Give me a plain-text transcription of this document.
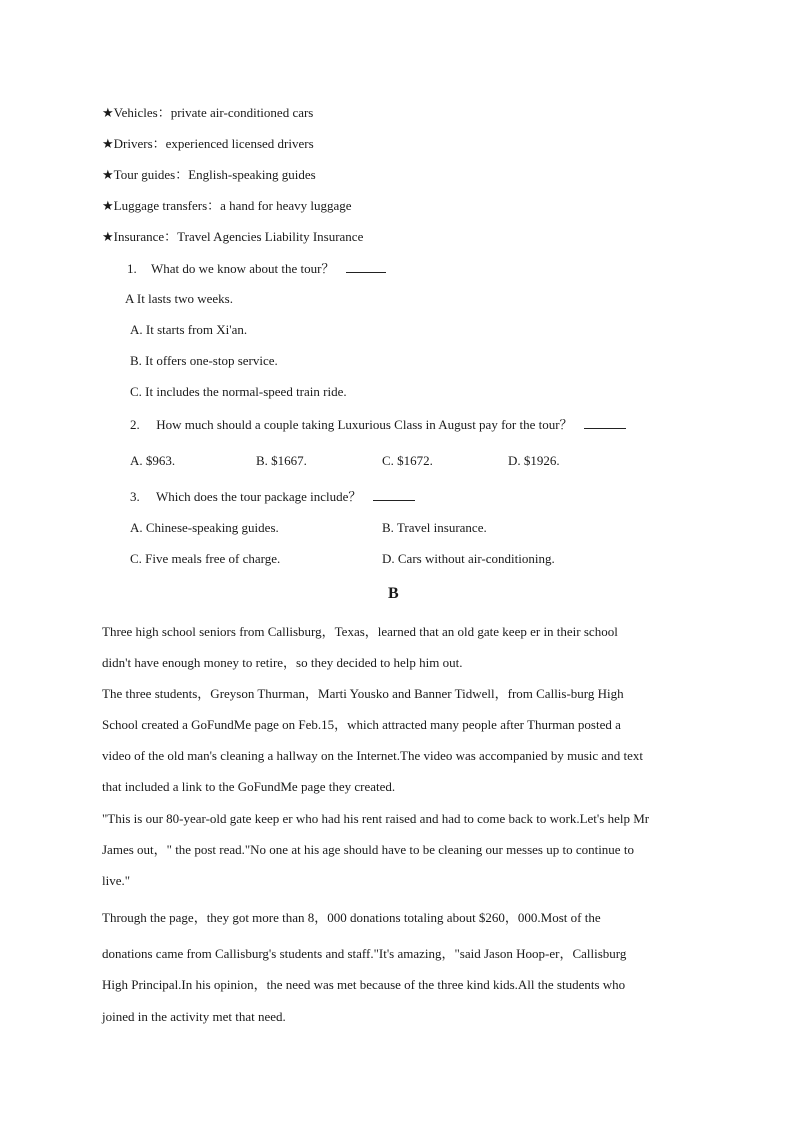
★Vehicles：private air-conditioned cars
★Drivers：experienced licensed drivers
★Tour guides：English-speaking guides
★Luggage transfers：a hand for heavy luggage
★Insurance：Travel Agencies Liability Insurance
1. What do we know about the tour？
A It lasts two weeks.
A. It starts from Xi'an.
B. It offers one-stop service.
C. It includes the normal-speed train ride.
2. How much should a couple taking Luxurious Class in August pay for the tour？
A. $963.	B. $1667.	C. $1672.	D. $1926.
3. Which does the tour package include？
A. Chinese-speaking guides.	B. Travel insurance.
C. Five meals free of charge.	D. Cars without air-conditioning.
B
Three high school seniors from Callisburg，Texas，learned that an old gate keep er in their school
didn't have enough money to retire，so they decided to help him out.
The three students，Greyson Thurman，Marti Yousko and Banner Tidwell，from Callis-burg High
School created a GoFundMe page on Feb.15，which attracted many people after Thurman posted a
video of the old man's cleaning a hallway on the Internet.The video was accompanied by music and text
that included a link to the GoFundMe page they created.
"This is our 80-year-old gate keep er who had his rent raised and had to come back to work.Let's help Mr
James out，" the post read."No one at his age should have to be cleaning our messes up to continue to
live."
Through the page，they got more than 8，000 donations totaling about $260，000.Most of the
donations came from Callisburg's students and staff."It's amazing，"said Jason Hoop-er，Callisburg
High Principal.In his opinion，the need was met because of the three kind kids.All the students who
joined in the activity met that need.
